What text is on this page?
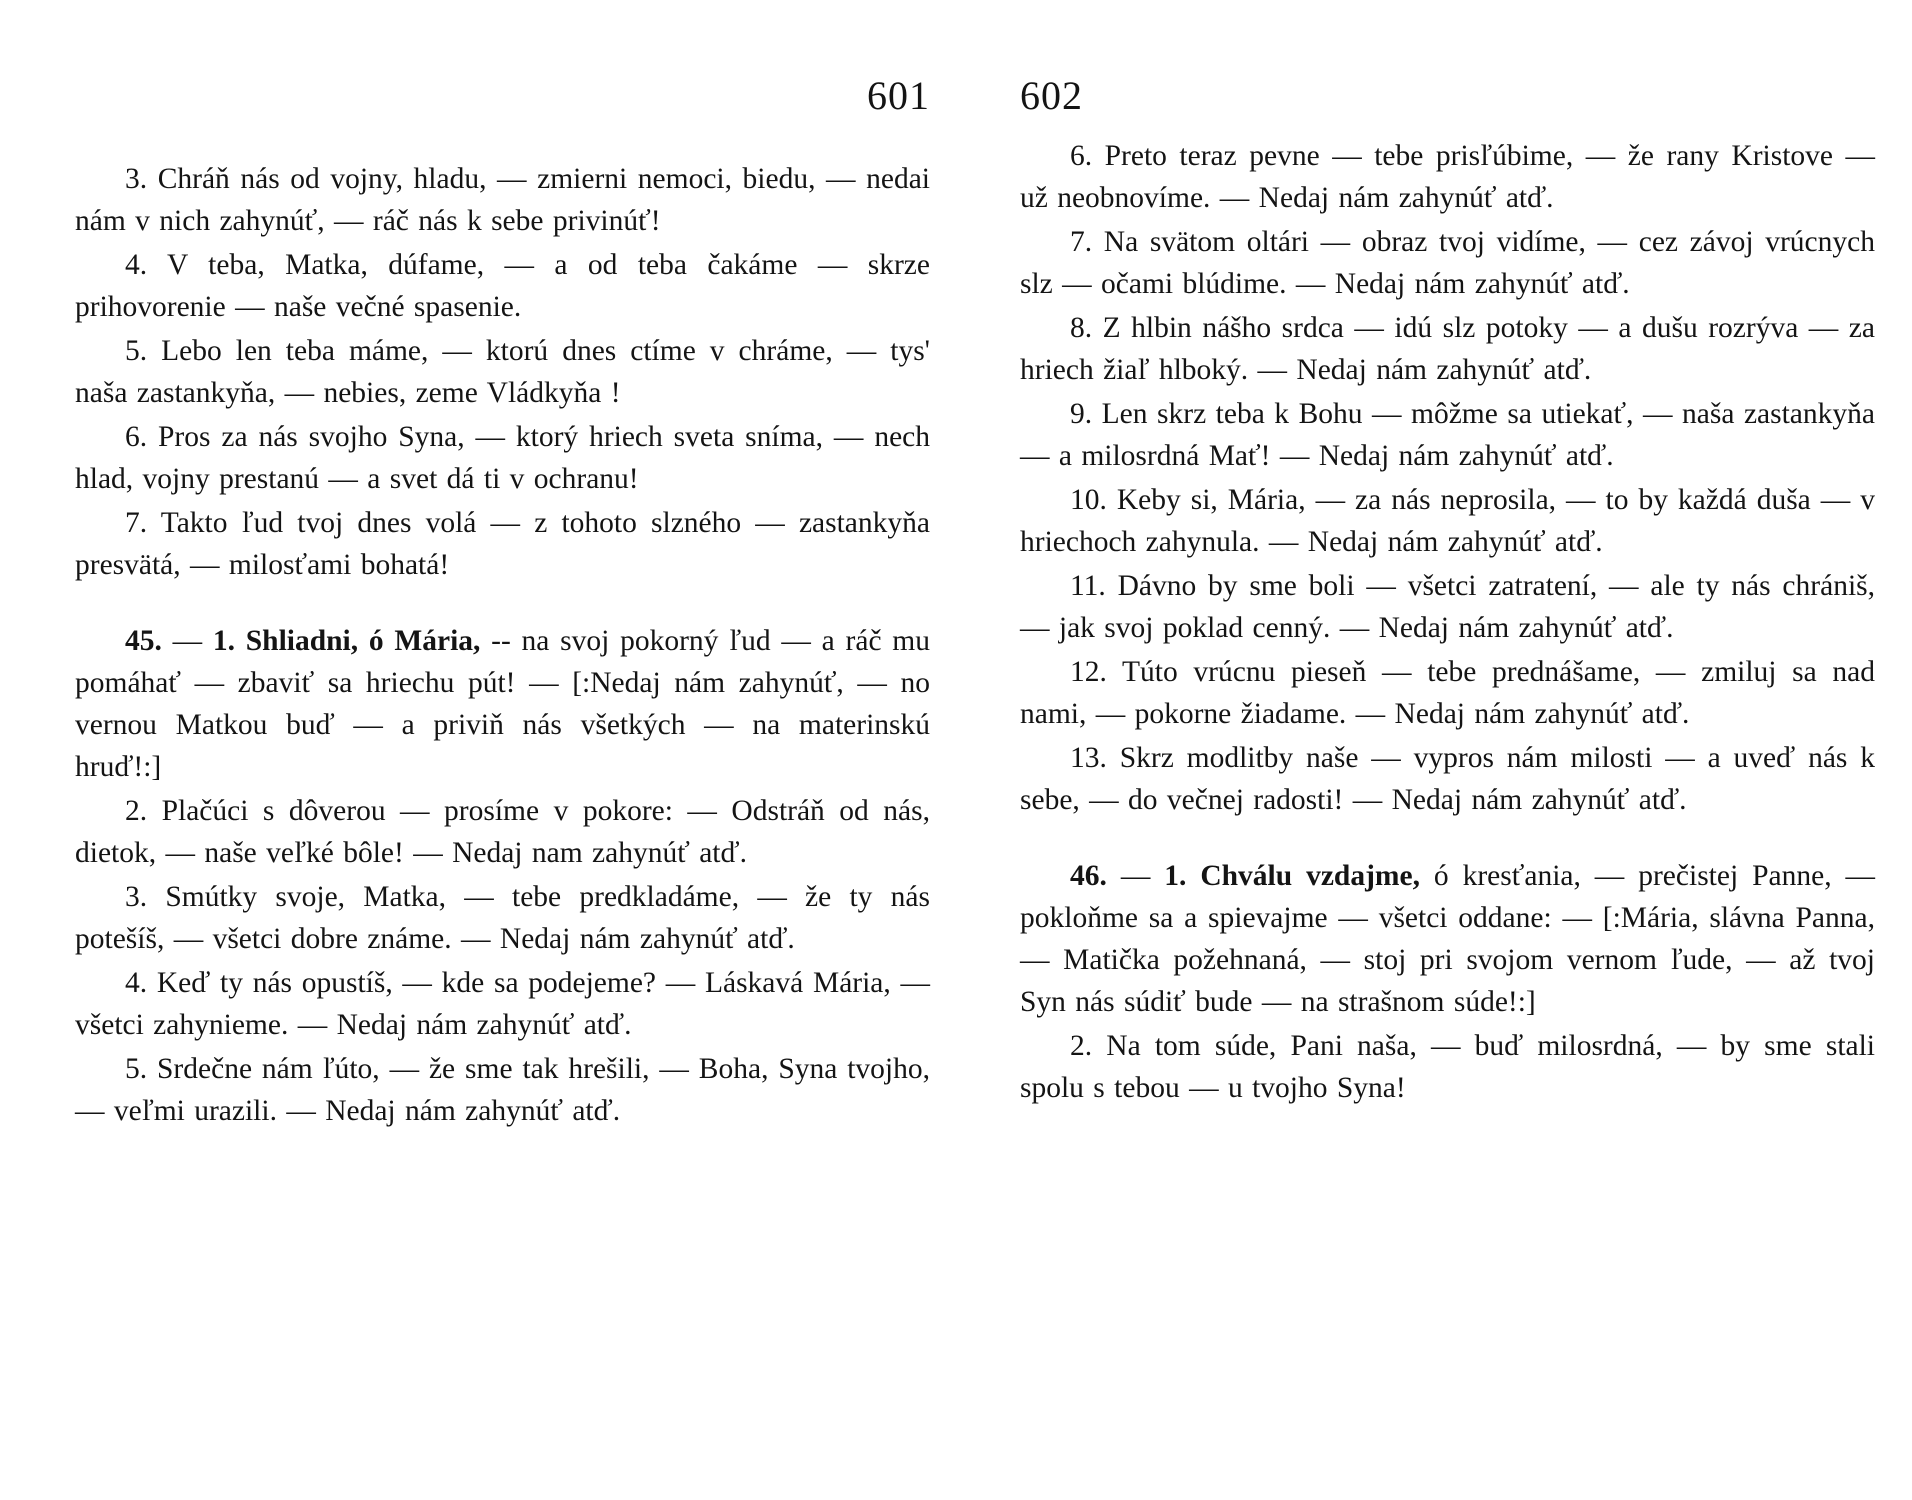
601

3. Chráň nás od vojny, hladu, — zmierni nemoci, biedu, — nedai nám v nich zahynúť, — ráč nás k sebe privinúť!

4. V teba, Matka, dúfame, — a od teba čakáme — skrze prihovorenie — naše večné spasenie.

5. Lebo len teba máme, — ktorú dnes ctíme v chráme, — tys' naša zastankyňa, — nebies, zeme Vládkyňa !

6. Pros za nás svojho Syna, — ktorý hriech sveta sníma, — nech hlad, vojny prestanú — a svet dá ti v ochranu!

7. Takto ľud tvoj dnes volá — z tohoto slzného — zastankyňa presvätá, — milosťami bohatá!

45. — 1. Shliadni, ó Mária, -- na svoj pokorný ľud — a ráč mu pomáhať — zbaviť sa hriechu pút! — [:Nedaj nám zahynúť, — no vernou Matkou buď — a priviň nás všetkých — na materinskú hruď!:]

2. Plačúci s dôverou — prosíme v pokore: — Odstráň od nás, dietok, — naše veľké bôle! — Nedaj nam zahynúť atď.

3. Smútky svoje, Matka, — tebe predkladáme, — že ty nás potešíš, — všetci dobre známe. — Nedaj nám zahynúť atď.

4. Keď ty nás opustíš, — kde sa podejeme? — Láskavá Mária, — všetci zahynieme. — Nedaj nám zahynúť atď.

5. Srdečne nám ľúto, — že sme tak hrešili, — Boha, Syna tvojho, — veľmi urazili. — Nedaj nám zahynúť atď.

602

6. Preto teraz pevne — tebe prisľúbime, — že rany Kristove — už neobnovíme. — Nedaj nám zahynúť atď.

7. Na svätom oltári — obraz tvoj vidíme, — cez závoj vrúcnych slz — očami blúdime. — Nedaj nám zahynúť atď.

8. Z hlbin nášho srdca — idú slz potoky — a dušu rozrýva — za hriech žiaľ hlboký. — Nedaj nám zahynúť atď.

9. Len skrz teba k Bohu — môžme sa utiekať, — naša zastankyňa — a milosrdná Mať! — Nedaj nám zahynúť atď.

10. Keby si, Mária, — za nás neprosila, — to by každá duša — v hriechoch zahynula. — Nedaj nám zahynúť atď.

11. Dávno by sme boli — všetci zatratení, — ale ty nás chrániš, — jak svoj poklad cenný. — Nedaj nám zahynúť atď.

12. Túto vrúcnu pieseň — tebe prednášame, — zmiluj sa nad nami, — pokorne žiadame. — Nedaj nám zahynúť atď.

13. Skrz modlitby naše — vypros nám milosti — a uveď nás k sebe, — do večnej radosti! — Nedaj nám zahynúť atď.

46. — 1. Chválu vzdajme, ó kresťania, — prečistej Panne, — pokloňme sa a spievajme — všetci oddane: — [:Mária, slávna Panna, — Matička požehnaná, — stoj pri svojom vernom ľude, — až tvoj Syn nás súdiť bude — na strašnom súde!:]

2. Na tom súde, Pani naša, — buď milosrdná, — by sme stali spolu s tebou — u tvojho Syna!
